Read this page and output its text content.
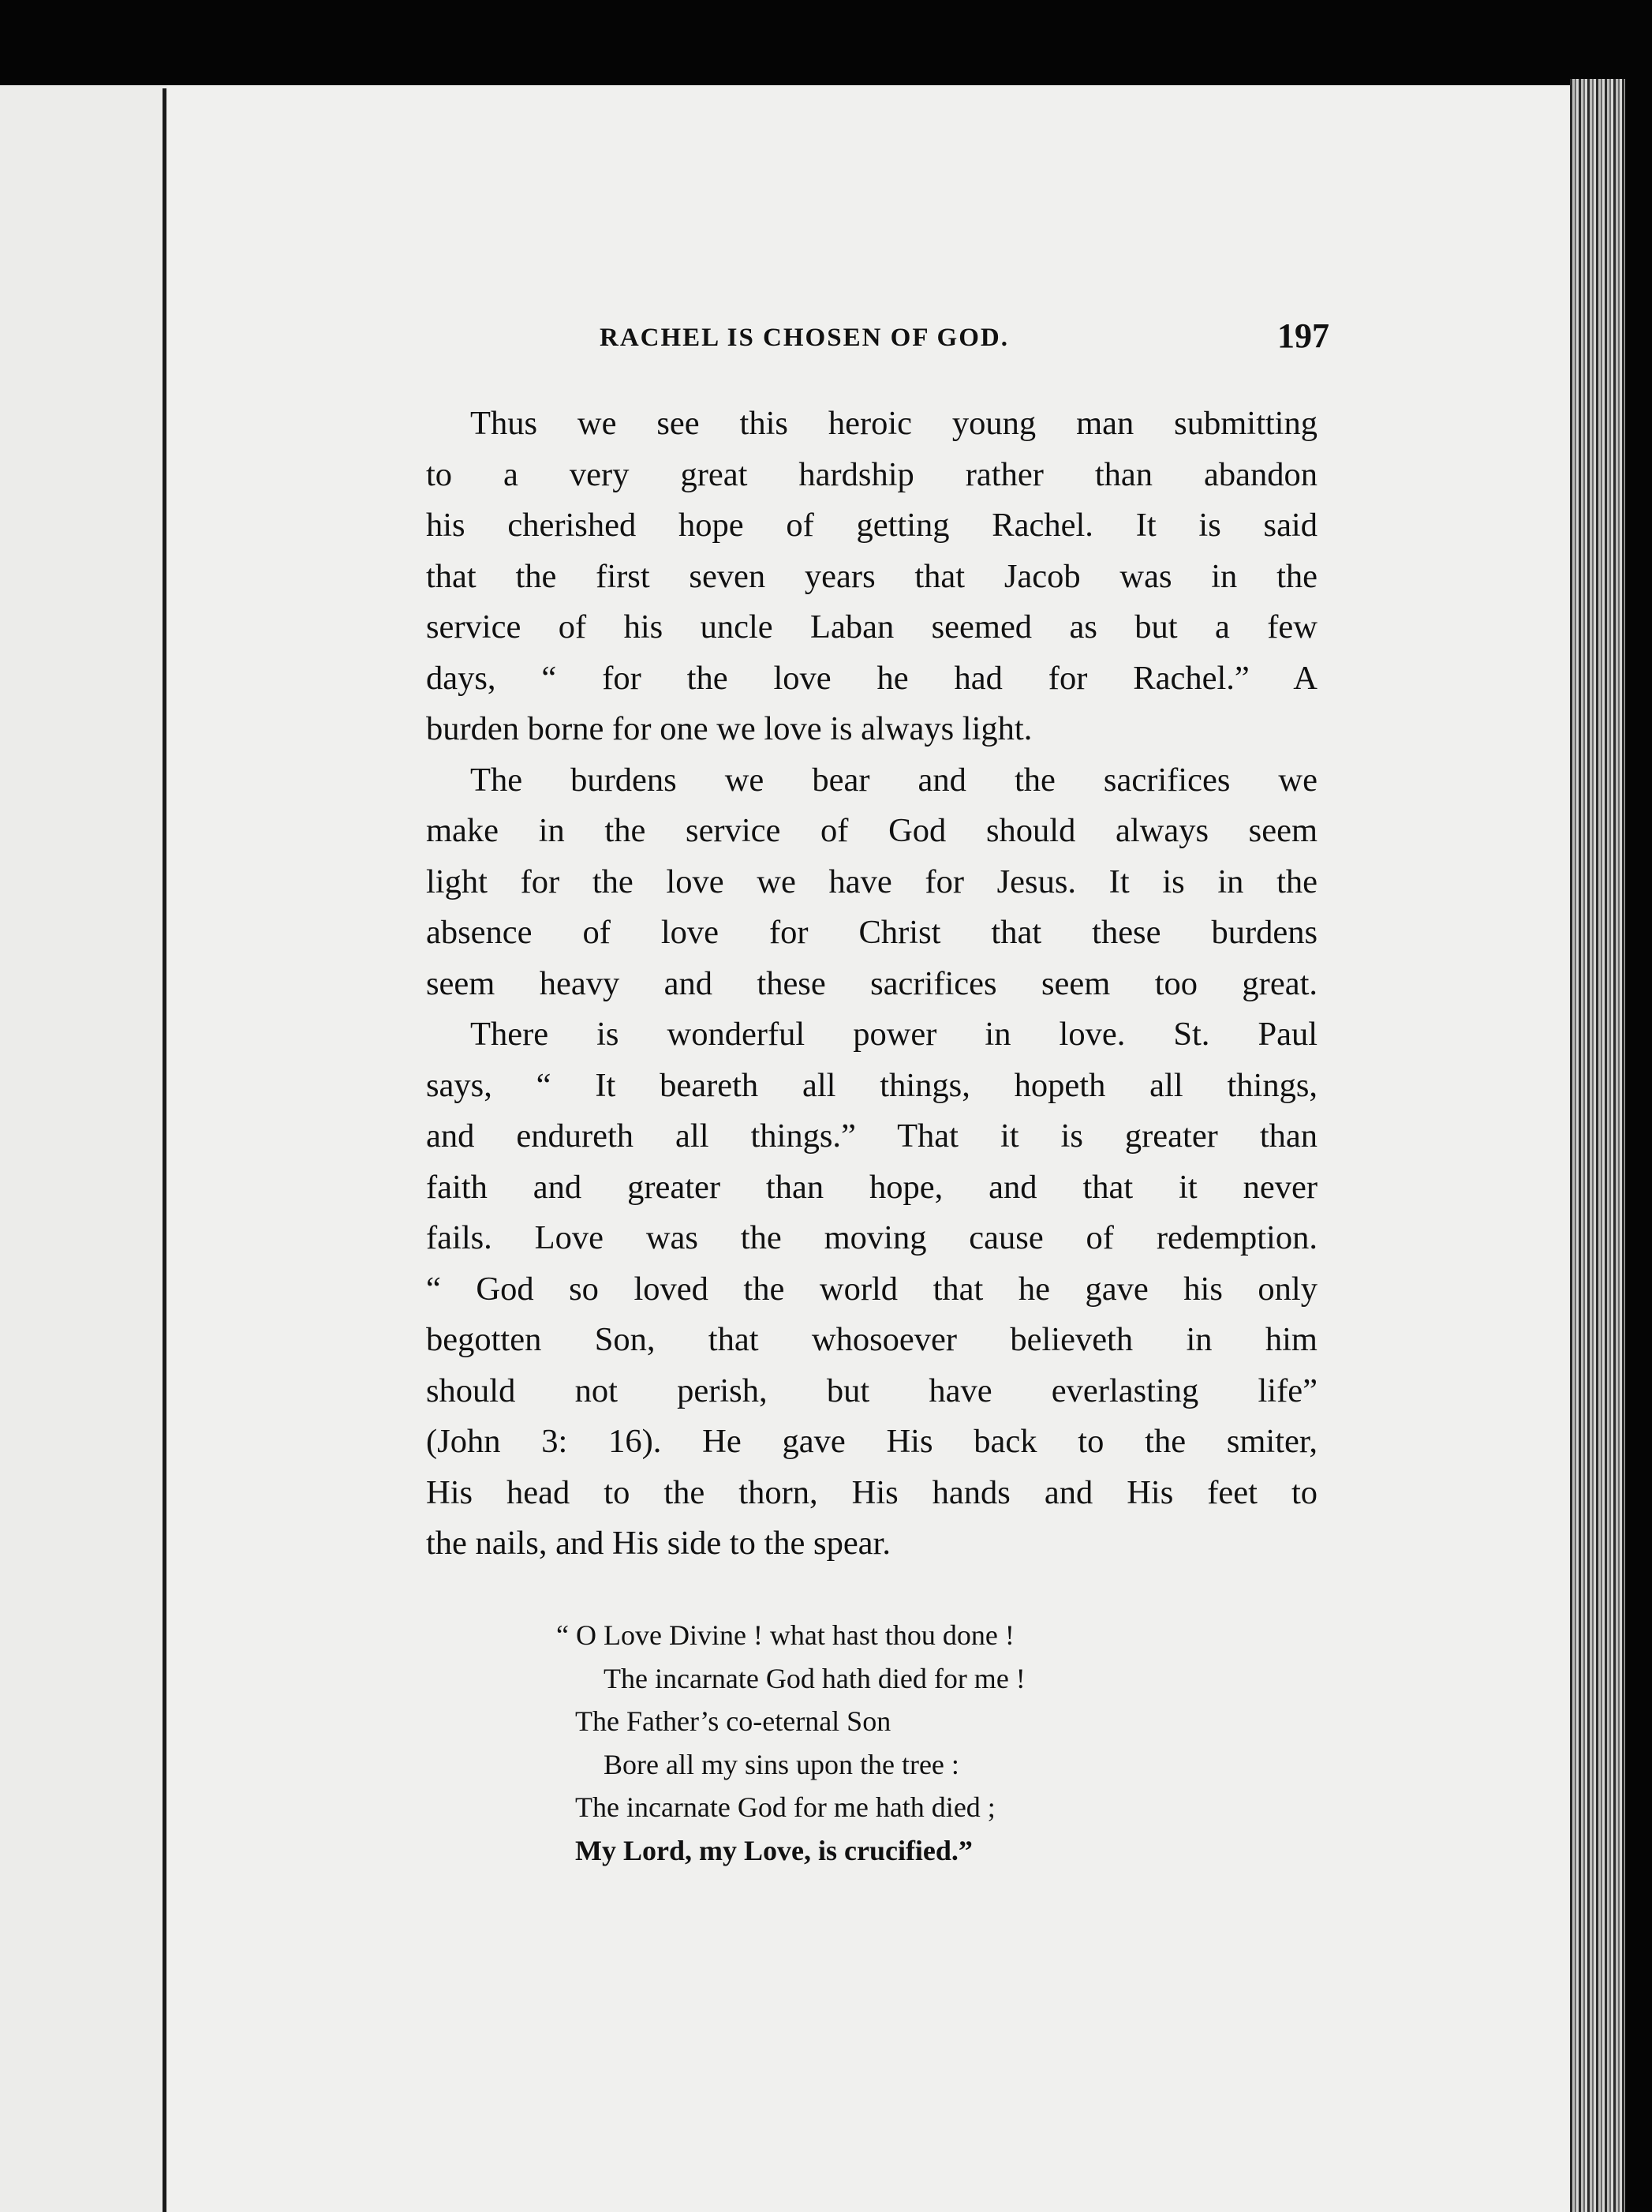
RACHEL IS CHOSEN OF GOD.	197
Thus we see this heroic young man submitting
to a very great hardship rather than abandon
his cherished hope of getting Rachel. It is said
that the first seven years that Jacob was in the
service of his uncle Laban seemed as but a few
days, “ for the love he had for Rachel.” A
burden borne for one we love is always light.
The burdens we bear and the sacrifices we
make in the service of God should always seem
light for the love we have for Jesus. It is in the
absence of love for Christ that these burdens
seem heavy and these sacrifices seem too great.
There is wonderful power in love. St. Paul
says, “ It beareth all things, hopeth all things,
and endureth all things.” That it is greater than
faith and greater than hope, and that it never
fails. Love was the moving cause of redemption.
“ God so loved the world that he gave his only
begotten Son, that whosoever believeth in him
should not perish, but have everlasting life”
(John 3: 16). He gave His back to the smiter,
His head to the thorn, His hands and His feet to
the nails, and His side to the spear.
“ O Love Divine ! what hast thou done !
The incarnate God hath died for me !
The Father’s co-eternal Son
Bore all my sins upon the tree :
The incarnate God for me hath died ;
My Lord, my Love, is crucified.”
